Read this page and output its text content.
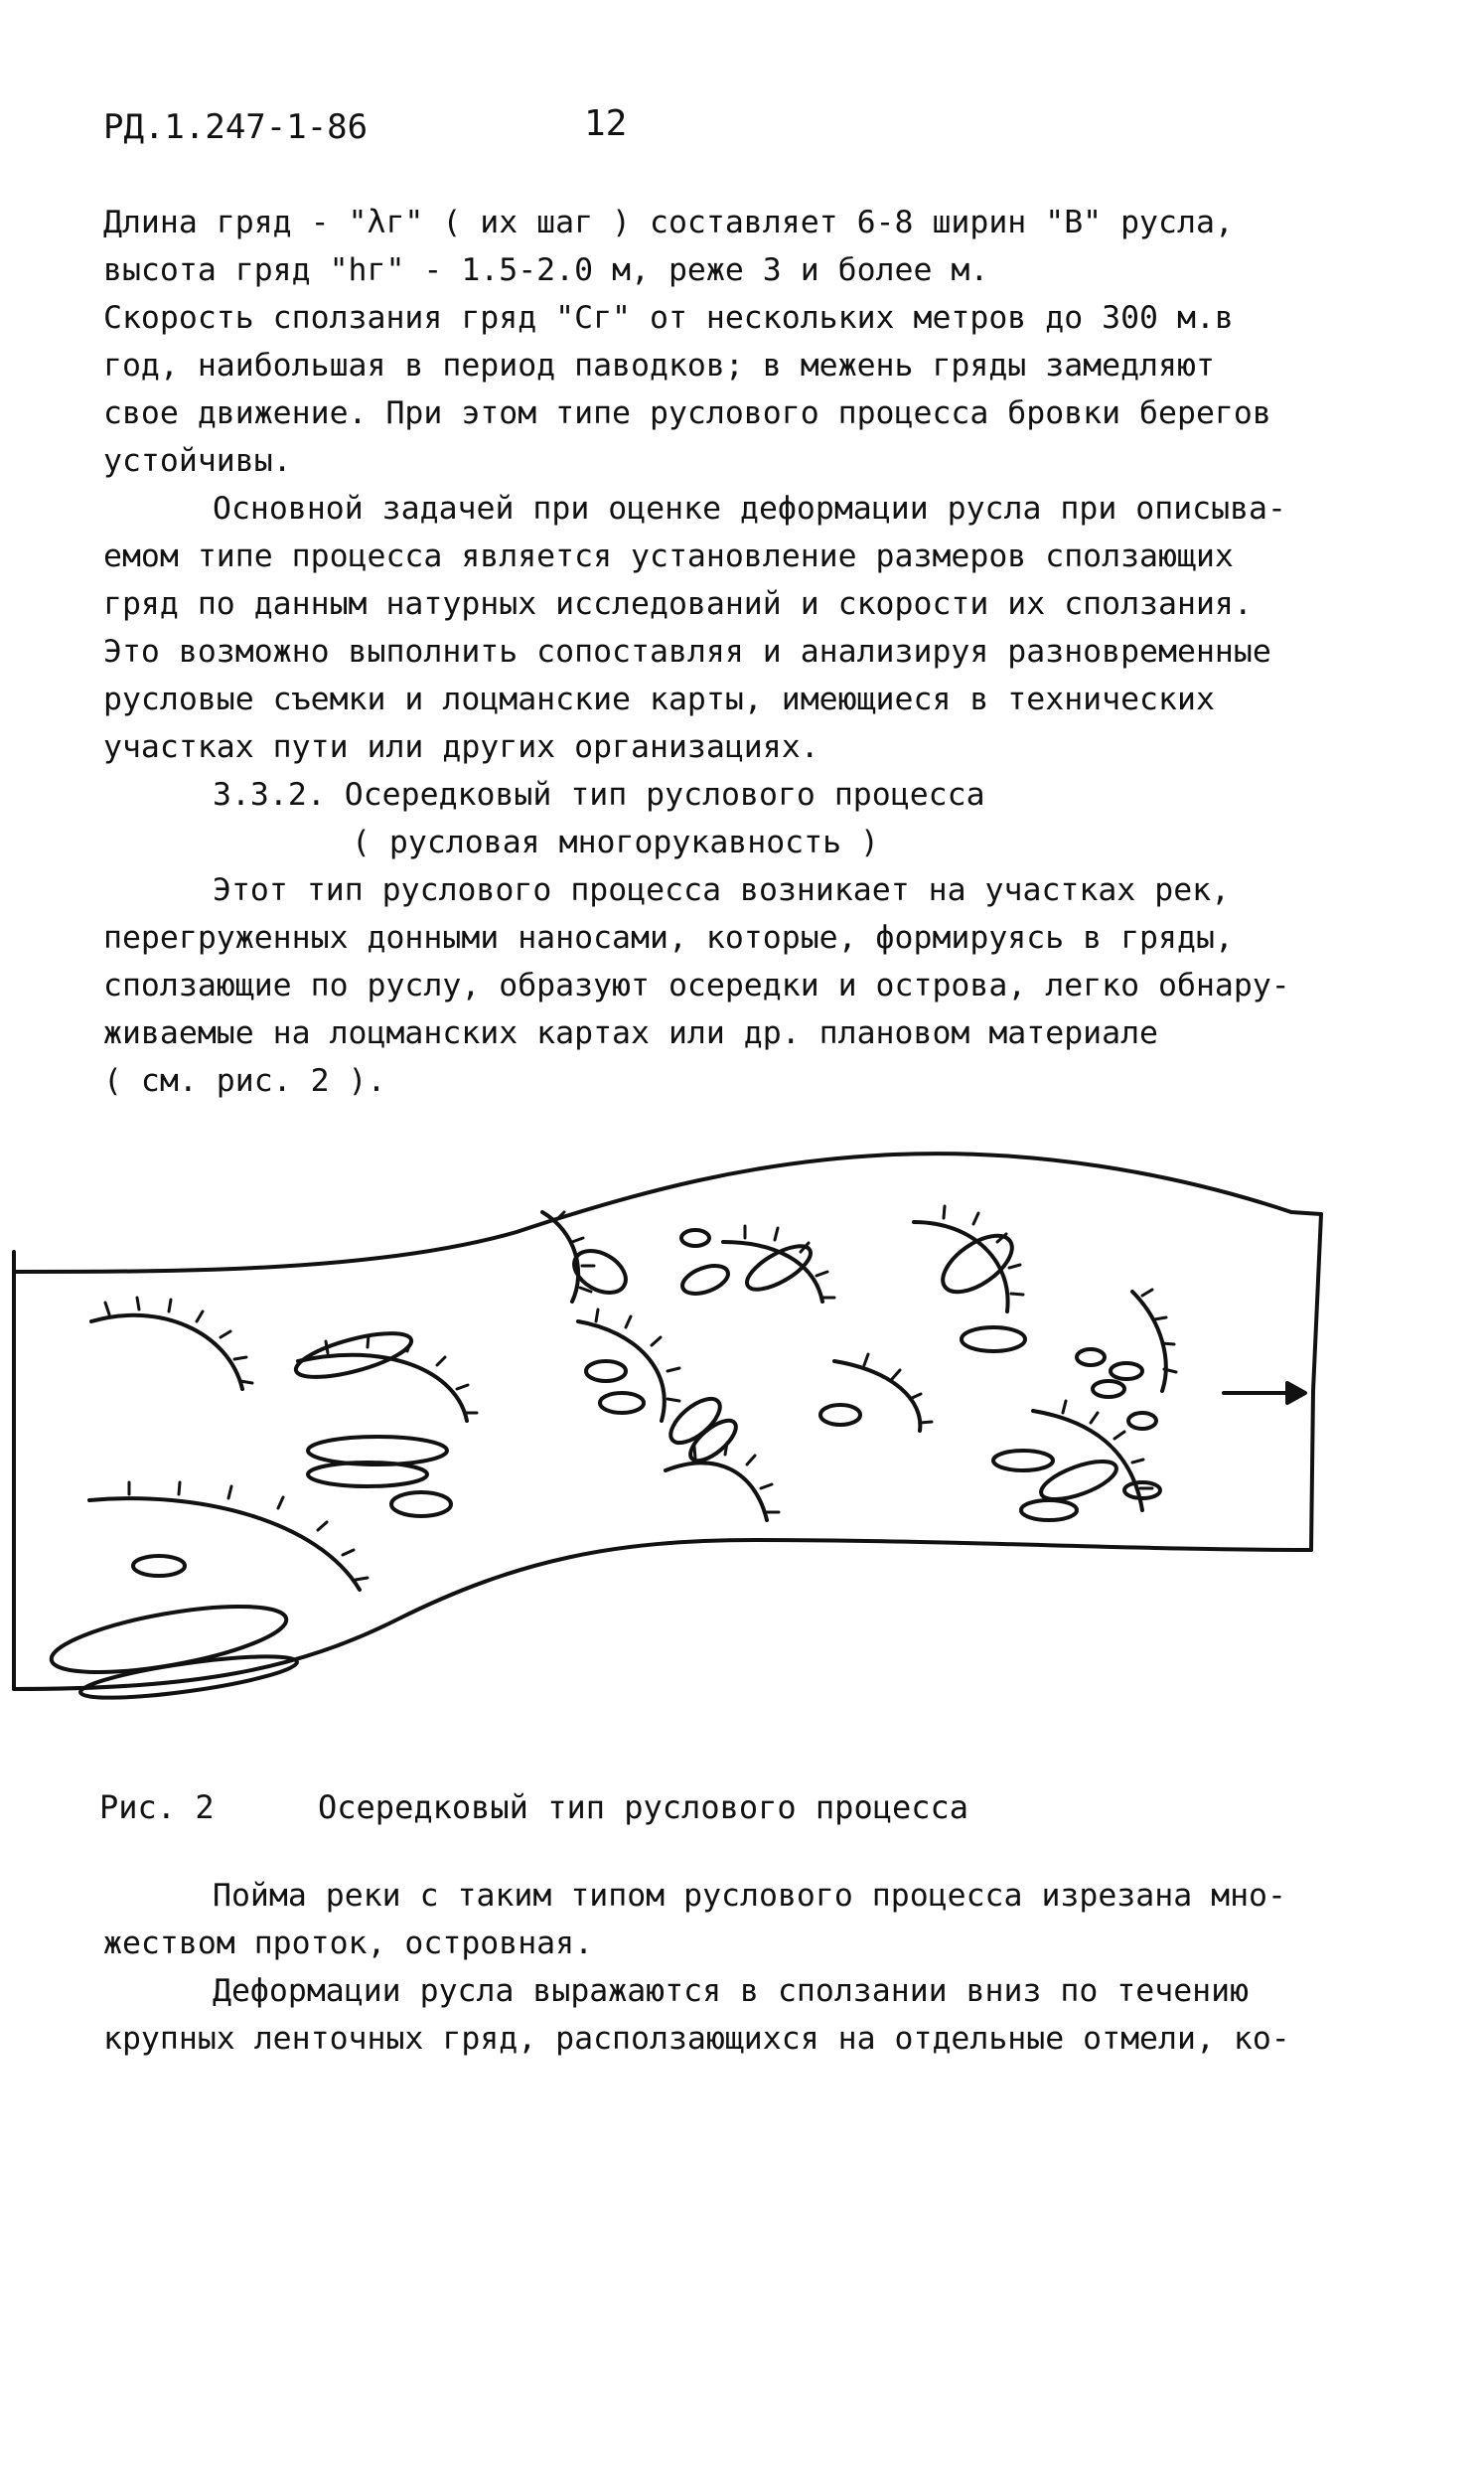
РД.1.247-1-86	12
Длина гряд - "λг" ( их шаг ) составляет 6-8 ширин "В" русла,
высота гряд "hг" - 1.5-2.0 м, реже 3 и более м.
Скорость сползания гряд "Сг" от нескольких метров до 300 м.в
год, наибольшая в период паводков; в межень гряды замедляют
свое движение. При этом типе руслового процесса бровки берегов
устойчивы.
Основной задачей при оценке деформации русла при описыва-
емом типе процесса является установление размеров сползающих
гряд по данным натурных исследований и скорости их сползания.
Это возможно выполнить сопоставляя и анализируя разновременные
русловые съемки и лоцманские карты, имеющиеся в технических
участках пути или других организациях.
3.3.2. Осередковый тип руслового процесса
( русловая многорукавность )
Этот тип руслового процесса возникает на участках рек,
перегруженных донными наносами, которые, формируясь в гряды,
сползающие по руслу, образуют осередки и острова, легко обнару-
живаемые на лоцманских картах или др. плановом материале
( см. рис. 2 ).
Рис. 2	Осередковый тип руслового процесса
Пойма реки с таким типом руслового процесса изрезана мно-
жеством проток, островная.
Деформации русла выражаются в сползании вниз по течению
крупных ленточных гряд, расползающихся на отдельные отмели, ко-
